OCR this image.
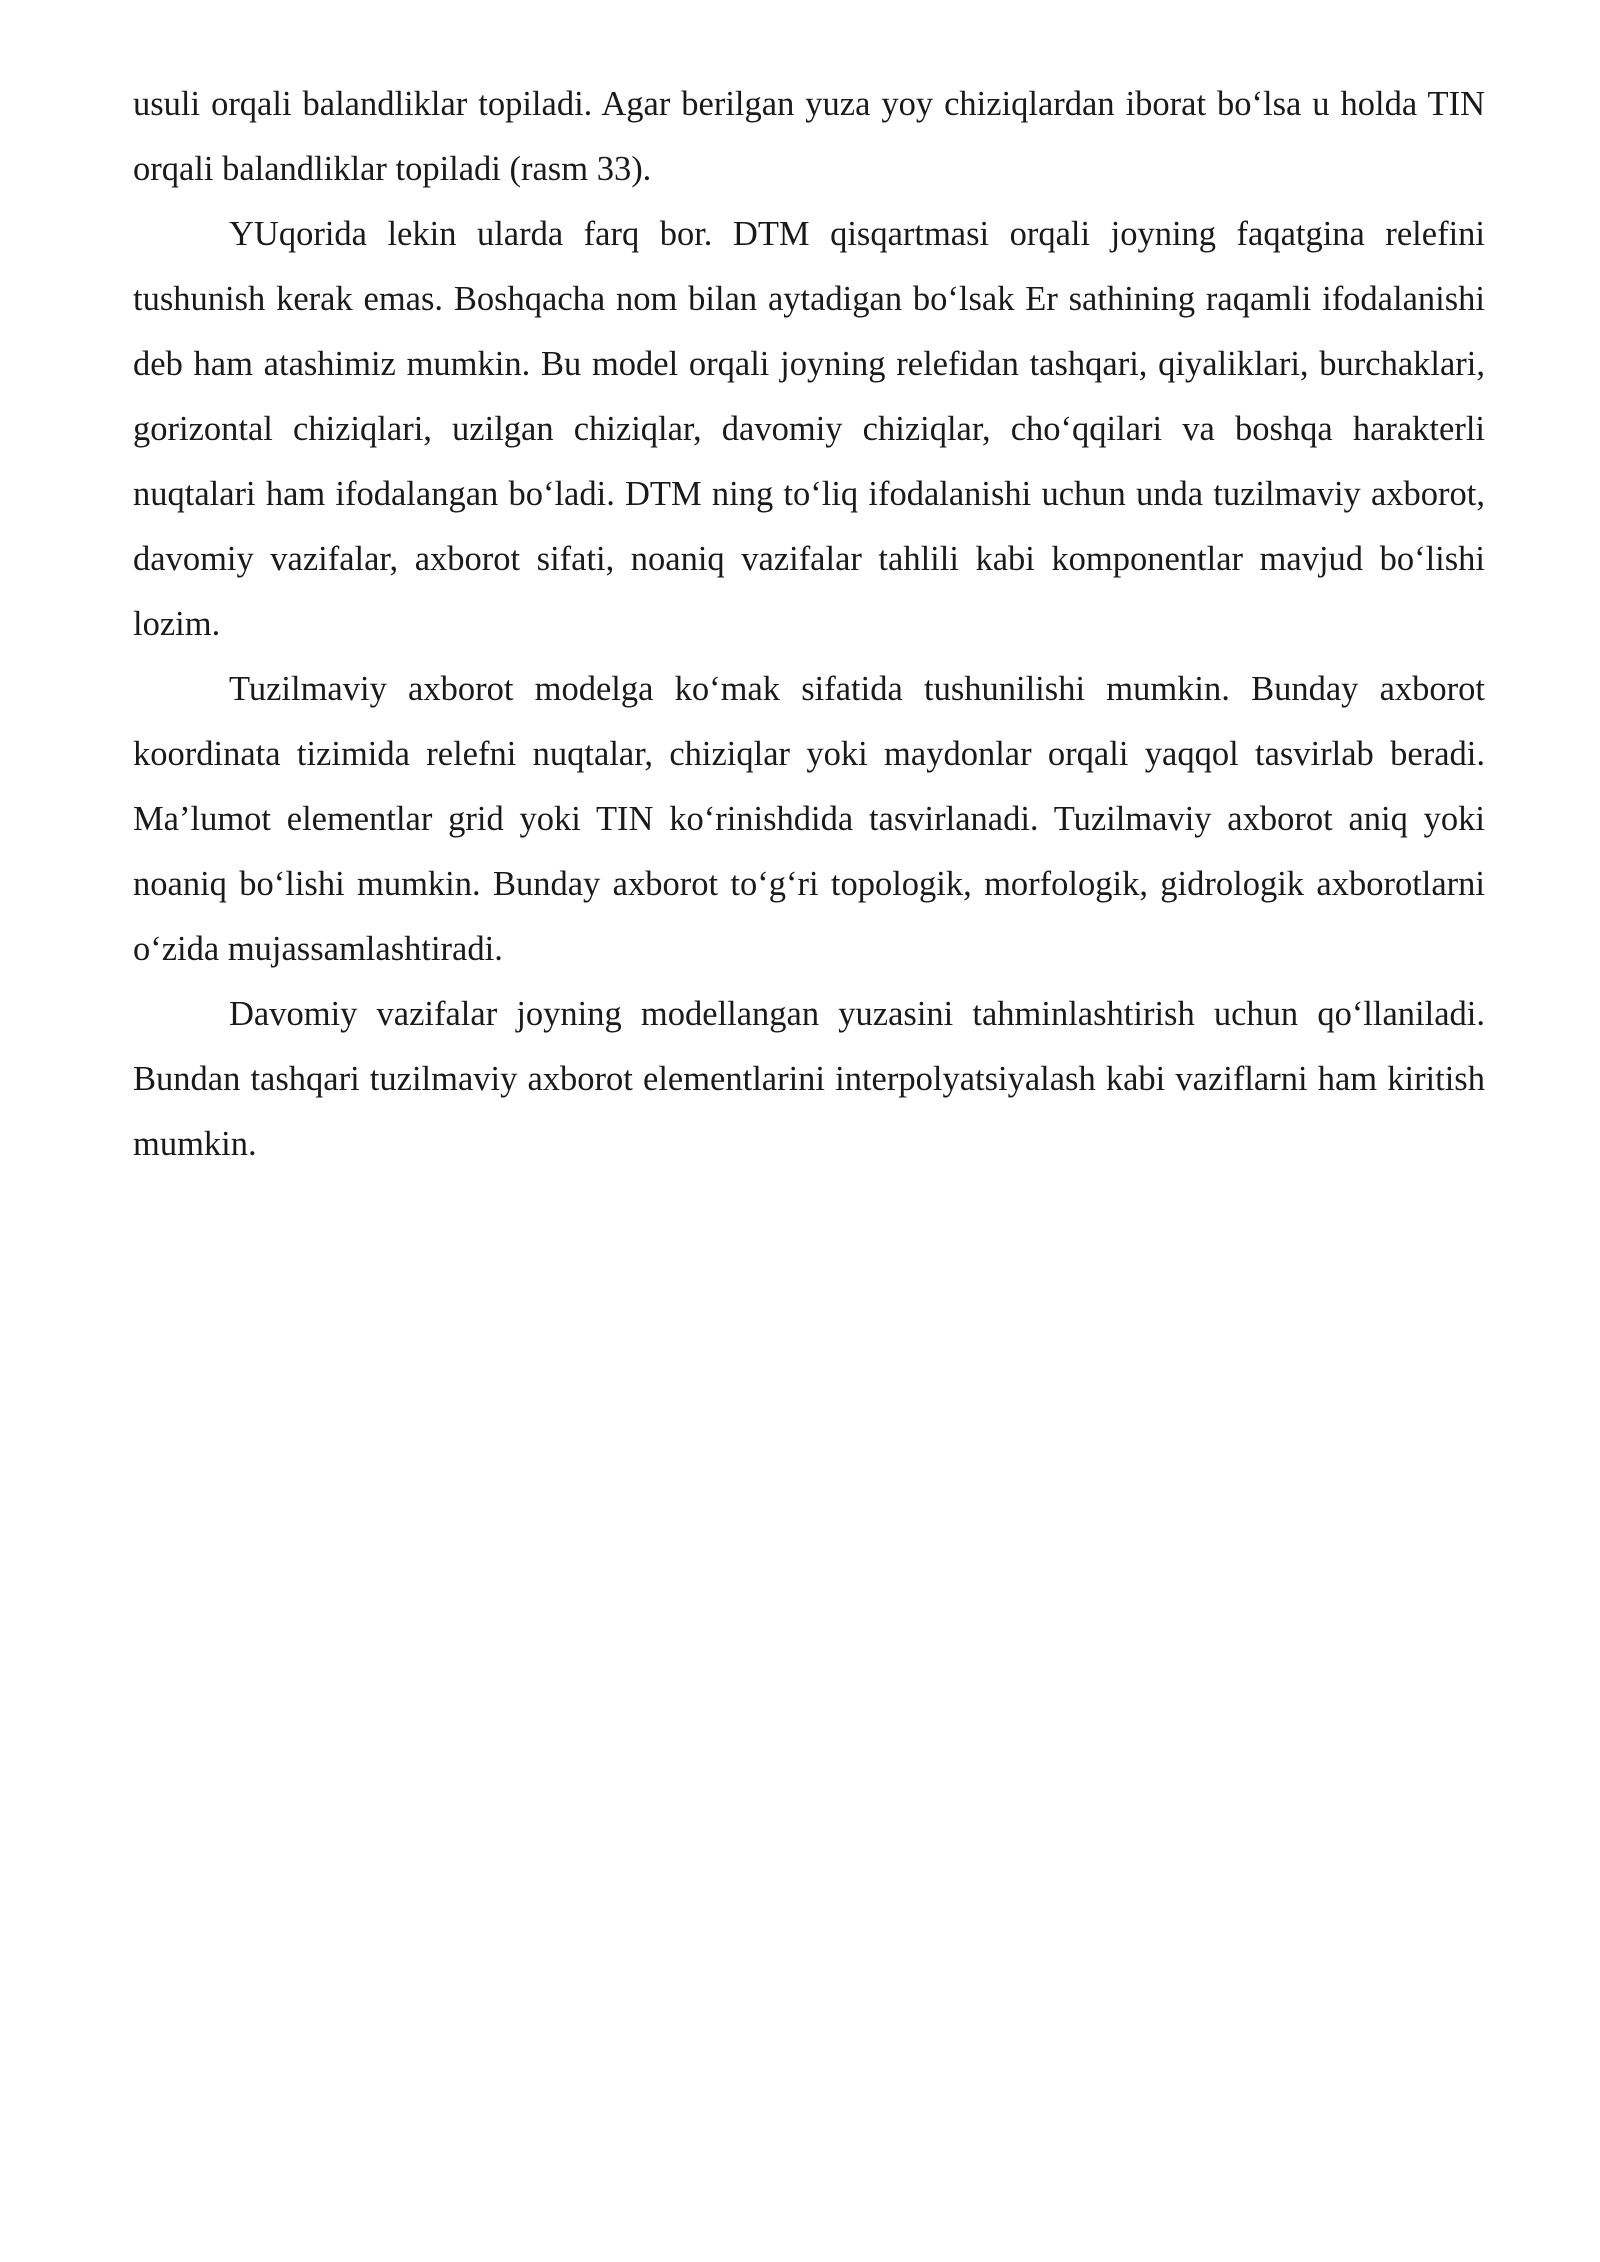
usuli orqali balandliklar topiladi. Agar berilgan yuza yoy chiziqlardan iborat bo‘lsa u holda TIN orqali balandliklar topiladi (rasm 33).

YUqorida lekin ularda farq bor. DTM qisqartmasi orqali joyning faqatgina relefini tushunish kerak emas. Boshqacha nom bilan aytadigan bo‘lsak Er sathining raqamli ifodalanishi deb ham atashimiz mumkin. Bu model orqali joyning relefidan tashqari, qiyaliklari, burchaklari, gorizontal chiziqlari, uzilgan chiziqlar, davomiy chiziqlar, cho‘qqilari va boshqa harakterli nuqtalari ham ifodalangan bo‘ladi. DTM ning to‘liq ifodalanishi uchun unda tuzilmaviy axborot, davomiy vazifalar, axborot sifati, noaniq vazifalar tahlili kabi komponentlar mavjud bo‘lishi lozim.

Tuzilmaviy axborot modelga ko‘mak sifatida tushunilishi mumkin. Bunday axborot koordinata tizimida relefni nuqtalar, chiziqlar yoki maydonlar orqali yaqqol tasvirlab beradi. Ma’lumot elementlar grid yoki TIN ko‘rinishdida tasvirlanadi. Tuzilmaviy axborot aniq yoki noaniq bo‘lishi mumkin. Bunday axborot to‘g‘ri topologik, morfologik, gidrologik axborotlarni o‘zida mujassamlashtiradi.

Davomiy vazifalar joyning modellangan yuzasini tahminlashtirish uchun qo‘llaniladi. Bundan tashqari tuzilmaviy axborot elementlarini interpolyatsiyalash kabi vaziflarni ham kiritish mumkin.
